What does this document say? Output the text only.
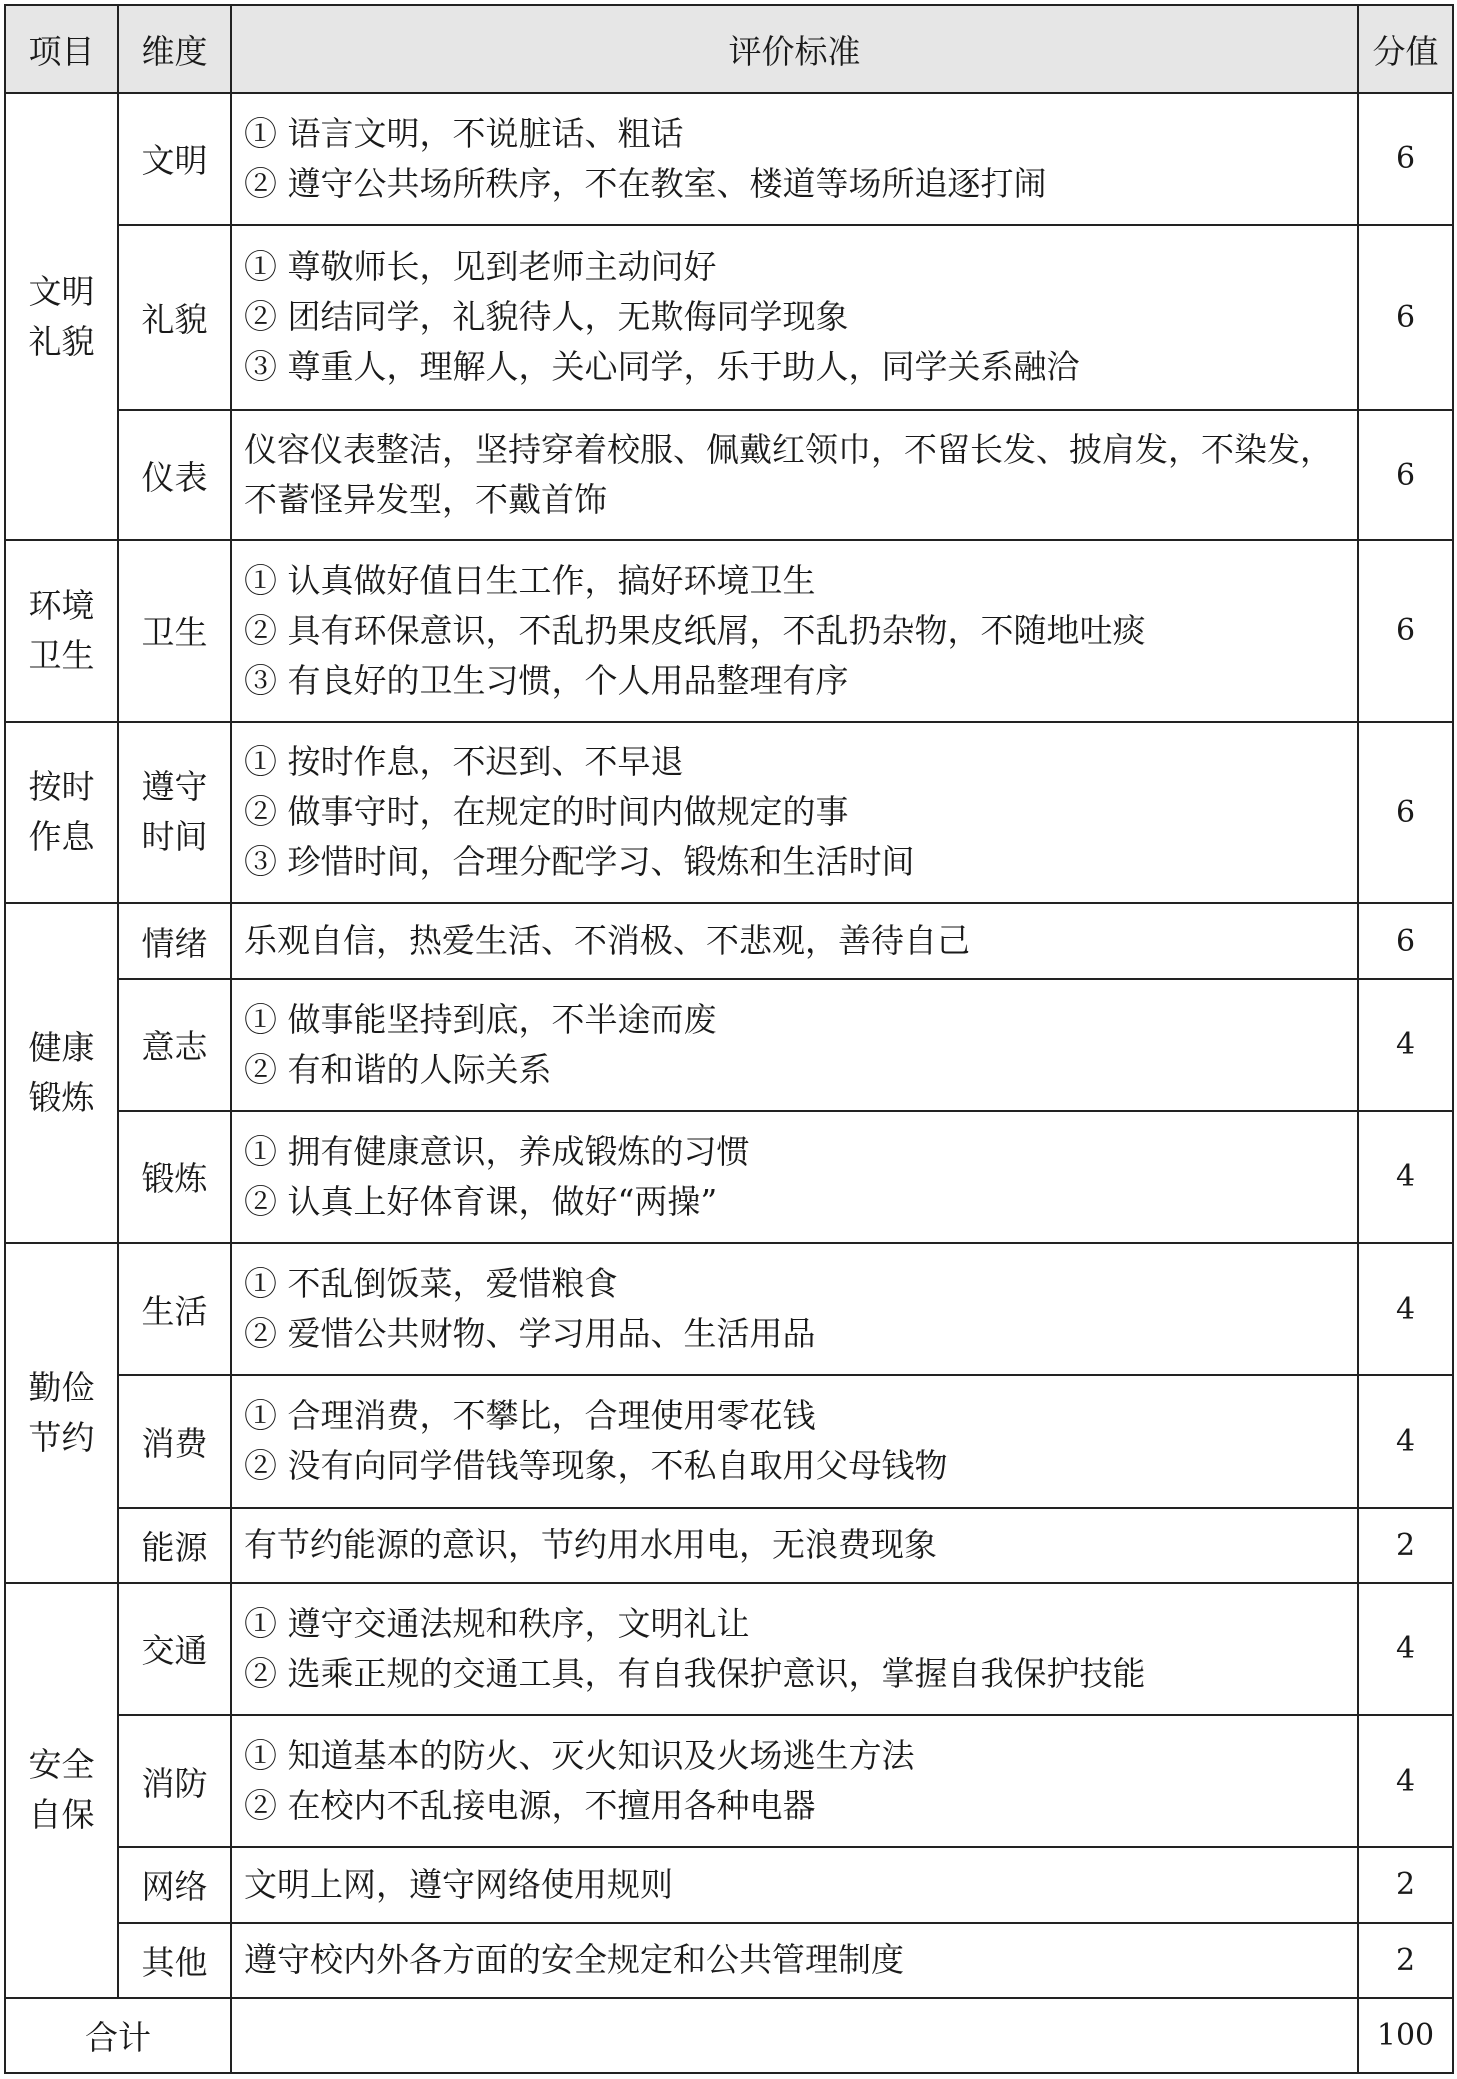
项目	维度	评价标准	分值
文明礼貌	文明	① 语言文明，不说脏话、粗话
② 遵守公共场所秩序，不在教室、楼道等场所追逐打闹	6
	礼貌	① 尊敬师长，见到老师主动问好
② 团结同学，礼貌待人，无欺侮同学现象
③ 尊重人，理解人，关心同学，乐于助人，同学关系融洽	6
	仪表	仪容仪表整洁，坚持穿着校服、佩戴红领巾，不留长发、披肩发，不染发，不蓄怪异发型，不戴首饰	6
环境卫生	卫生	① 认真做好值日生工作，搞好环境卫生
② 具有环保意识，不乱扔果皮纸屑，不乱扔杂物，不随地吐痰
③ 有良好的卫生习惯，个人用品整理有序	6
按时作息	遵守时间	① 按时作息，不迟到、不早退
② 做事守时，在规定的时间内做规定的事
③ 珍惜时间，合理分配学习、锻炼和生活时间	6
健康锻炼	情绪	乐观自信，热爱生活、不消极、不悲观，善待自己	6
	意志	① 做事能坚持到底，不半途而废
② 有和谐的人际关系	4
	锻炼	① 拥有健康意识，养成锻炼的习惯
② 认真上好体育课，做好“两操”	4
勤俭节约	生活	① 不乱倒饭菜，爱惜粮食
② 爱惜公共财物、学习用品、生活用品	4
	消费	① 合理消费，不攀比，合理使用零花钱
② 没有向同学借钱等现象，不私自取用父母钱物	4
	能源	有节约能源的意识，节约用水用电，无浪费现象	2
安全自保	交通	① 遵守交通法规和秩序，文明礼让
② 选乘正规的交通工具，有自我保护意识，掌握自我保护技能	4
	消防	① 知道基本的防火、灭火知识及火场逃生方法
② 在校内不乱接电源，不擅用各种电器	4
	网络	文明上网，遵守网络使用规则	2
	其他	遵守校内外各方面的安全规定和公共管理制度	2
合计			100
